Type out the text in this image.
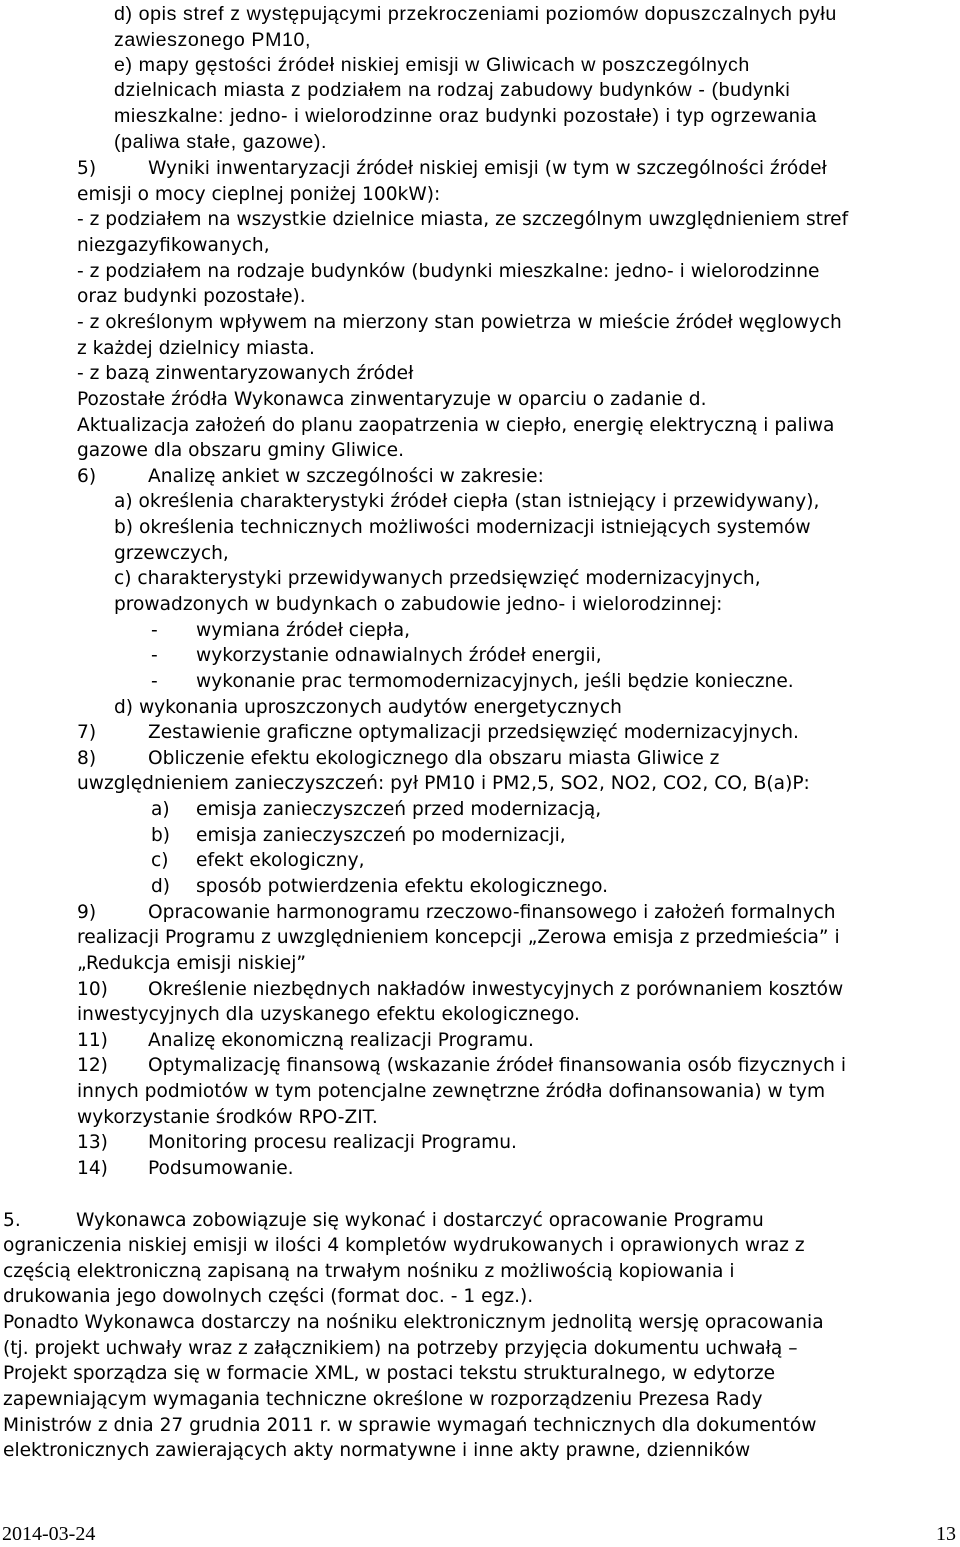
d) opis stref z występującymi przekroczeniami poziomów dopuszczalnych pyłu
zawieszonego PM10,
e) mapy gęstości źródeł niskiej emisji w Gliwicach w poszczególnych
dzielnicach miasta z podziałem na rodzaj zabudowy budynków - (budynki
mieszkalne: jedno- i wielorodzinne oraz budynki pozostałe) i typ ogrzewania
(paliwa stałe, gazowe).
5)	Wyniki inwentaryzacji źródeł niskiej emisji (w tym w szczególności źródeł
emisji o mocy cieplnej poniżej 100kW):
- z podziałem na wszystkie dzielnice miasta, ze szczególnym uwzględnieniem stref
niezgazyfikowanych,
- z podziałem na rodzaje budynków (budynki mieszkalne: jedno- i wielorodzinne
oraz budynki pozostałe).
- z określonym wpływem na mierzony stan powietrza w mieście źródeł węglowych
z każdej dzielnicy miasta.
- z bazą zinwentaryzowanych źródeł
Pozostałe źródła Wykonawca zinwentaryzuje w oparciu o zadanie d.
Aktualizacja założeń do planu zaopatrzenia w ciepło, energię elektryczną i paliwa
gazowe dla obszaru gminy Gliwice.
6)	Analizę ankiet w szczególności w zakresie:
a) określenia charakterystyki źródeł ciepła (stan istniejący i przewidywany),
b) określenia technicznych możliwości modernizacji istniejących systemów
grzewczych,
c) charakterystyki przewidywanych przedsięwzięć modernizacyjnych,
prowadzonych w budynkach o zabudowie jedno- i wielorodzinnej:
- wymiana źródeł ciepła,
- wykorzystanie odnawialnych źródeł energii,
- wykonanie prac termomodernizacyjnych, jeśli będzie konieczne.
d) wykonania uproszczonych audytów energetycznych
7)	Zestawienie graficzne optymalizacji przedsięwzięć modernizacyjnych.
8)	Obliczenie efektu ekologicznego dla obszaru miasta Gliwice z
uwzględnieniem zanieczyszczeń: pył PM10 i PM2,5, SO2, NO2, CO2, CO, B(a)P:
a) emisja zanieczyszczeń przed modernizacją,
b) emisja zanieczyszczeń po modernizacji,
c) efekt ekologiczny,
d) sposób potwierdzenia efektu ekologicznego.
9)	Opracowanie harmonogramu rzeczowo-finansowego i założeń formalnych
realizacji Programu z uwzględnieniem koncepcji „Zerowa emisja z przedmieścia” i
„Redukcja emisji niskiej”
10) Określenie niezbędnych nakładów inwestycyjnych z porównaniem kosztów
inwestycyjnych dla uzyskanego efektu ekologicznego.
11) Analizę ekonomiczną realizacji Programu.
12) Optymalizację finansową (wskazanie źródeł finansowania osób fizycznych i
innych podmiotów w tym potencjalne zewnętrzne źródła dofinansowania) w tym
wykorzystanie środków RPO-ZIT.
13) Monitoring procesu realizacji Programu.
14) Podsumowanie.
5.	Wykonawca zobowiązuje się wykonać i dostarczyć opracowanie Programu
ograniczenia niskiej emisji w ilości 4 kompletów wydrukowanych i oprawionych wraz z
częścią elektroniczną zapisaną na trwałym nośniku z możliwością kopiowania i
drukowania jego dowolnych części (format doc. - 1 egz.).
Ponadto Wykonawca dostarczy na nośniku elektronicznym jednolitą wersję opracowania
(tj. projekt uchwały wraz z załącznikiem) na potrzeby przyjęcia dokumentu uchwałą –
Projekt sporządza się w formacie XML, w postaci tekstu strukturalnego, w edytorze
zapewniającym wymagania techniczne określone w rozporządzeniu Prezesa Rady
Ministrów z dnia 27 grudnia 2011 r. w sprawie wymagań technicznych dla dokumentów
elektronicznych zawierających akty normatywne i inne akty prawne, dzienników
2014-03-24	13
